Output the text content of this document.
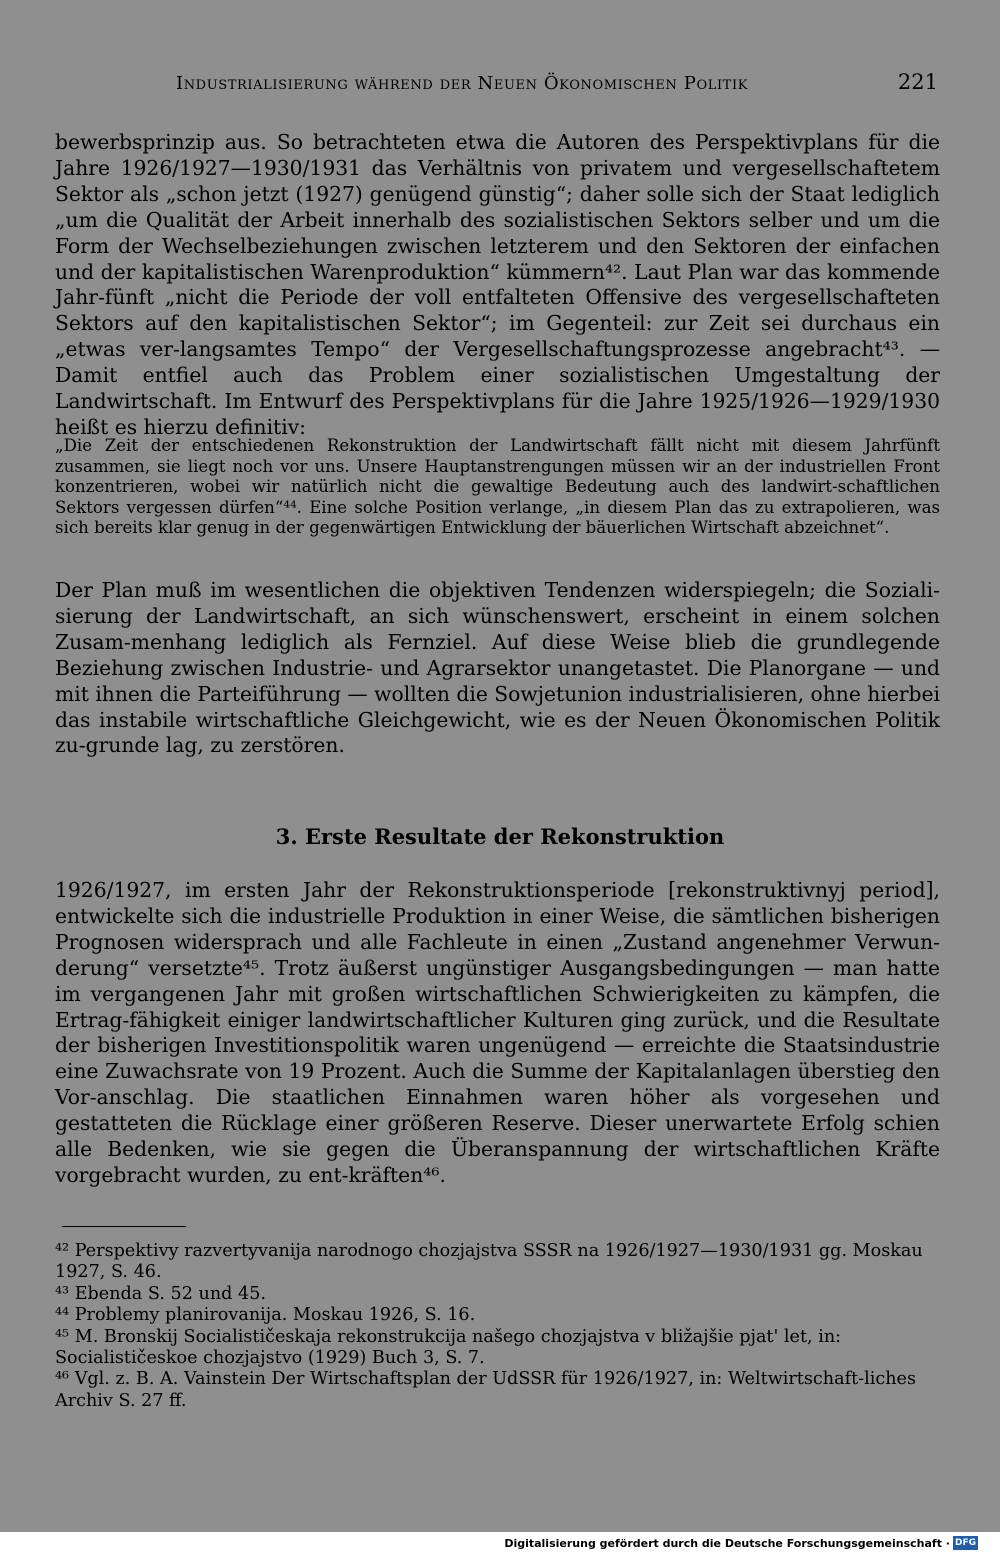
Industrialisierung während der Neuen Ökonomischen Politik	221

bewerbsprinzip aus. So betrachteten etwa die Autoren des Perspektivplans für die Jahre 1926/1927—1930/1931 das Verhältnis von privatem und vergesellschaftetem Sektor als „schon jetzt (1927) genügend günstig“; daher solle sich der Staat lediglich „um die Qualität der Arbeit innerhalb des sozialistischen Sektors selber und um die Form der Wechselbeziehungen zwischen letzterem und den Sektoren der einfachen und der kapitalistischen Warenproduktion“ kümmern⁴². Laut Plan war das kommende Jahr-fünft „nicht die Periode der voll entfalteten Offensive des vergesellschafteten Sektors auf den kapitalistischen Sektor“; im Gegenteil: zur Zeit sei durchaus ein „etwas ver-langsamtes Tempo“ der Vergesellschaftungsprozesse angebracht⁴³. — Damit entfiel auch das Problem einer sozialistischen Umgestaltung der Landwirtschaft. Im Entwurf des Perspektivplans für die Jahre 1925/1926—1929/1930 heißt es hierzu definitiv:

„Die Zeit der entschiedenen Rekonstruktion der Landwirtschaft fällt nicht mit diesem Jahrfünft zusammen, sie liegt noch vor uns. Unsere Hauptanstrengungen müssen wir an der industriellen Front konzentrieren, wobei wir natürlich nicht die gewaltige Bedeutung auch des landwirt-schaftlichen Sektors vergessen dürfen“⁴⁴. Eine solche Position verlange, „in diesem Plan das zu extrapolieren, was sich bereits klar genug in der gegenwärtigen Entwicklung der bäuerlichen Wirtschaft abzeichnet“.

Der Plan muß im wesentlichen die objektiven Tendenzen widerspiegeln; die Soziali-sierung der Landwirtschaft, an sich wünschenswert, erscheint in einem solchen Zusam-menhang lediglich als Fernziel. Auf diese Weise blieb die grundlegende Beziehung zwischen Industrie- und Agrarsektor unangetastet. Die Planorgane — und mit ihnen die Parteiführung — wollten die Sowjetunion industrialisieren, ohne hierbei das instabile wirtschaftliche Gleichgewicht, wie es der Neuen Ökonomischen Politik zu-grunde lag, zu zerstören.

3. Erste Resultate der Rekonstruktion

1926/1927, im ersten Jahr der Rekonstruktionsperiode [rekonstruktivnyj period], entwickelte sich die industrielle Produktion in einer Weise, die sämtlichen bisherigen Prognosen widersprach und alle Fachleute in einen „Zustand angenehmer Verwun-derung“ versetzte⁴⁵. Trotz äußerst ungünstiger Ausgangsbedingungen — man hatte im vergangenen Jahr mit großen wirtschaftlichen Schwierigkeiten zu kämpfen, die Ertrag-fähigkeit einiger landwirtschaftlicher Kulturen ging zurück, und die Resultate der bisherigen Investitionspolitik waren ungenügend — erreichte die Staatsindustrie eine Zuwachsrate von 19 Prozent. Auch die Summe der Kapitalanlagen überstieg den Vor-anschlag. Die staatlichen Einnahmen waren höher als vorgesehen und gestatteten die Rücklage einer größeren Reserve. Dieser unerwartete Erfolg schien alle Bedenken, wie sie gegen die Überanspannung der wirtschaftlichen Kräfte vorgebracht wurden, zu ent-kräften⁴⁶.

⁴² Perspektivy razvertyvanija narodnogo chozjajstva SSSR na 1926/1927—1930/1931 gg. Moskau 1927, S. 46.

⁴³ Ebenda S. 52 und 45.

⁴⁴ Problemy planirovanija. Moskau 1926, S. 16.

⁴⁵ M. Bronskij Socialističeskaja rekonstrukcija našego chozjajstva v bližajšie pjat' let, in: Socialističeskoe chozjajstvo (1929) Buch 3, S. 7.

⁴⁶ Vgl. z. B. A. Vainstein Der Wirtschaftsplan der UdSSR für 1926/1927, in: Weltwirtschaft-liches Archiv S. 27 ff.

Digitalisierung gefördert durch die Deutsche Forschungsgemeinschaft · DFG
